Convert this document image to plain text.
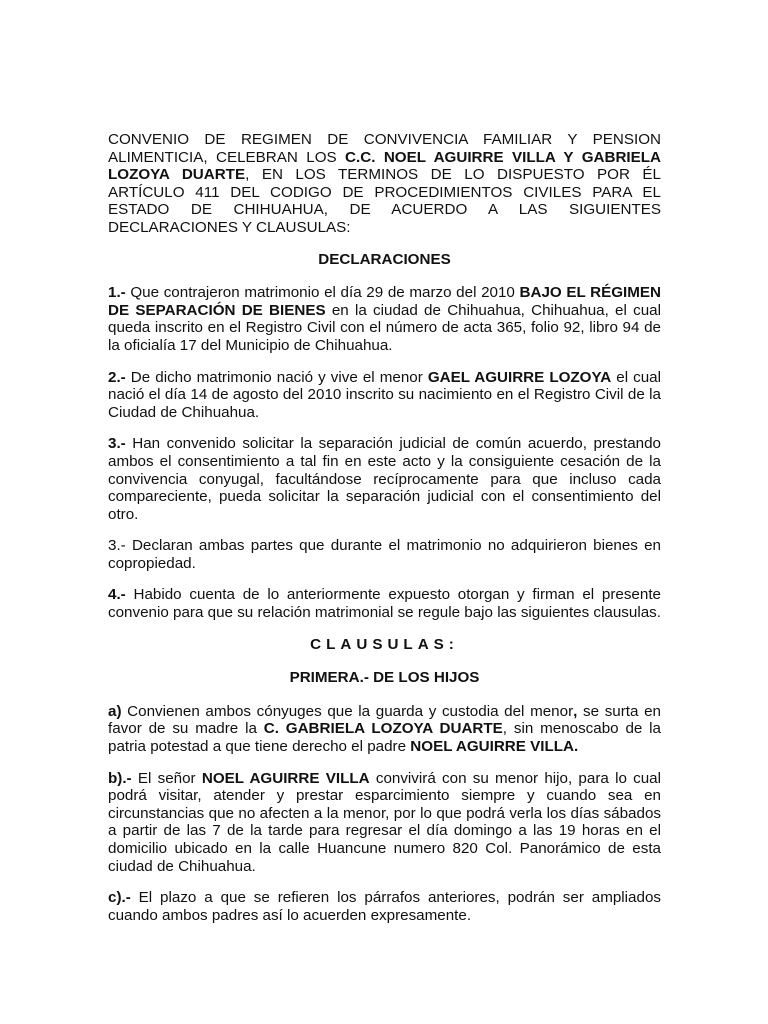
CONVENIO DE REGIMEN DE CONVIVENCIA FAMILIAR Y PENSION ALIMENTICIA, CELEBRAN LOS C.C. NOEL AGUIRRE VILLA Y GABRIELA LOZOYA DUARTE, EN LOS TERMINOS DE LO DISPUESTO POR ÉL ARTÍCULO 411 DEL CODIGO DE PROCEDIMIENTOS CIVILES PARA EL ESTADO DE CHIHUAHUA, DE ACUERDO A LAS SIGUIENTES DECLARACIONES Y CLAUSULAS:

DECLARACIONES

1.- Que contrajeron matrimonio el día 29 de marzo del 2010 BAJO EL RÉGIMEN DE SEPARACIÓN DE BIENES en la ciudad de Chihuahua, Chihuahua, el cual queda inscrito en el Registro Civil con el número de acta 365, folio 92, libro 94 de la oficialía 17 del Municipio de Chihuahua.

2.- De dicho matrimonio nació y vive el menor GAEL AGUIRRE LOZOYA el cual nació el día 14 de agosto del 2010 inscrito su nacimiento en el Registro Civil de la Ciudad de Chihuahua.

3.- Han convenido solicitar la separación judicial de común acuerdo, prestando ambos el consentimiento a tal fin en este acto y la consiguiente cesación de la convivencia conyugal, facultándose recíprocamente para que incluso cada compareciente, pueda solicitar la separación judicial con el consentimiento del otro.

3.- Declaran ambas partes que durante el matrimonio no adquirieron bienes en copropiedad.

4.- Habido cuenta de lo anteriormente expuesto otorgan y firman el presente convenio para que su relación matrimonial se regule bajo las siguientes clausulas.

CLAUSULAS:

PRIMERA.- DE LOS HIJOS

a) Convienen ambos cónyuges que la guarda y custodia del menor, se surta en favor de su madre la C. GABRIELA LOZOYA DUARTE, sin menoscabo de la patria potestad a que tiene derecho el padre NOEL AGUIRRE VILLA.

b).- El señor NOEL AGUIRRE VILLA convivirá con su menor hijo, para lo cual podrá visitar, atender y prestar esparcimiento siempre y cuando sea en circunstancias que no afecten a la menor, por lo que podrá verla los días sábados a partir de las 7 de la tarde para regresar el día domingo a las 19 horas en el domicilio ubicado en la calle Huancune numero 820 Col. Panorámico de esta ciudad de Chihuahua.

c).- El plazo a que se refieren los párrafos anteriores, podrán ser ampliados cuando ambos padres así lo acuerden expresamente.
